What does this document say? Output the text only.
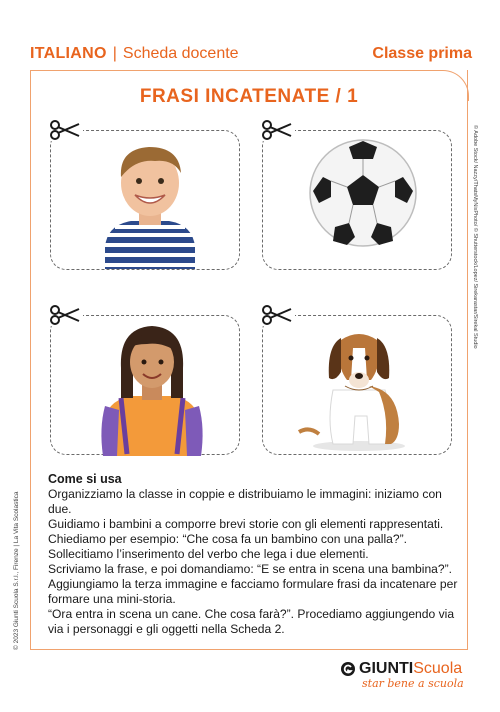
ITALIANO | Scheda docente	Classe prima
FRASI INCATENATE / 1
© 2023 Giunti Scuola S.r.l., Firenze | La Vita Scolastica
© Adobe Stock/ Nazzy/ThatsMyNixPhoto/ © Shutterstock/Lopez/ Sirekarastar/Sirekal Studio
Come si usa

Organizziamo la classe in coppie e distribuiamo le immagini: iniziamo con due.

Guidiamo i bambini a comporre brevi storie con gli elementi rappresentati.

Chiediamo per esempio: “Che cosa fa un bambino con una palla?”.

Sollecitiamo l’inserimento del verbo che lega i due elementi.

Scriviamo la frase, e poi domandiamo: “E se entra in scena una bambina?”.

Aggiungiamo la terza immagine e facciamo formulare frasi da incatenare per formare una mini-storia.

“Ora entra in scena un cane. Che cosa farà?”. Procediamo aggiungendo via via i personaggi e gli oggetti nella Scheda 2.

GIUNTI Scuola
star bene a scuola
